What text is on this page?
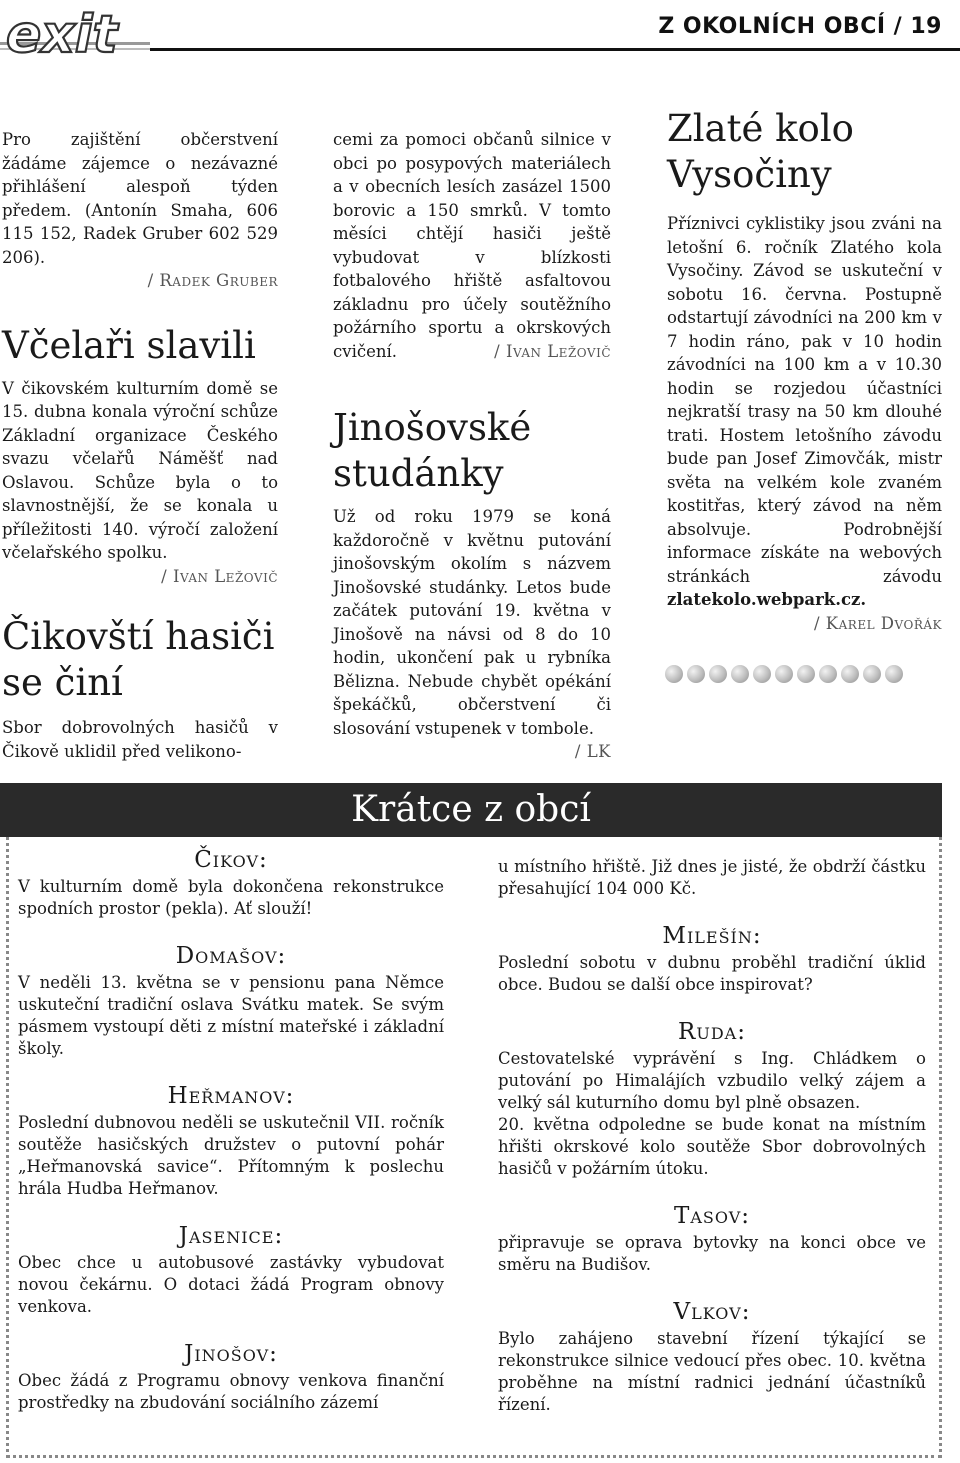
exit	Z OKOLNÍCH OBCÍ / 19

Pro zajištění občerstvení žádáme zájemce o nezávazné přihlášení alespoň týden předem. (Antonín Smaha, 606 115 152, Radek Gruber 602 529 206).

/ Radek Gruber
Včelaři slavili

V čikovském kulturním domě se 15. dubna konala výroční schůze Základní organizace Českého svazu včelařů Náměšť nad Oslavou. Schůze byla o to slavnostnější, že se konala u příležitosti 140. výročí založení včelařského spolku.

/ Ivan Ležovič
Čikovští hasiči
se činí

Sbor dobrovolných hasičů v Čikově uklidil před velikono-

cemi za pomoci občanů silnice v obci po posypových materiálech a v obecních lesích zasázel 1500 borovic a 150 smrků. V tomto měsíci chtějí hasiči ještě vybudovat v blízkosti fotbalového hřiště asfaltovou základnu pro účely soutěžního požárního sportu a okrskových cvičení.	/ Ivan Ležovič

Jinošovské
studánky

Už od roku 1979 se koná každoročně v květnu putování jinošovským okolím s názvem Jinošovské studánky. Letos bude začátek putování 19. května v Jinošově na návsi od 8 do 10 hodin, ukončení pak u rybníka Bělizna. Nebude chybět opékání špekáčků, občerstvení či slosování vstupenek v tombole.
/ LK

Zlaté kolo
Vysočiny

Příznivci cyklistiky jsou zváni na letošní 6. ročník Zlatého kola Vysočiny. Závod se uskuteční v sobotu 16. června. Postupně odstartují závodníci na 200 km v 7 hodin ráno, pak v 10 hodin závodníci na 100 km a v 10.30 hodin se rozjedou účastníci nejkratší trasy na 50 km dlouhé trati. Hostem letošního závodu bude pan Josef Zimovčák, mistr světa na velkém kole zvaném kostitřas, který závod na něm absolvuje. Podrobnější informace získáte na webových stránkách závodu zlatekolo.webpark.cz.

/ Karel Dvořák
Krátce z obcí
Čikov:

V kulturním domě byla dokončena rekonstrukce spodních prostor (pekla). Ať slouží!

Domašov:

V neděli 13. května se v pensionu pana Němce uskuteční tradiční oslava Svátku matek. Se svým pásmem vystoupí děti z místní mateřské i základní školy.

Heřmanov:

Poslední dubnovou neděli se uskutečnil VII. ročník soutěže hasičských družstev o putovní pohár „Heřmanovská savice“. Přítomným k poslechu hrála Hudba Heřmanov.

Jasenice:

Obec chce u autobusové zastávky vybudovat novou čekárnu. O dotaci žádá Program obnovy venkova.

Jinošov:

Obec žádá z Programu obnovy venkova finanční prostředky na zbudování sociálního zázemí

u místního hřiště. Již dnes je jisté, že obdrží částku přesahující 104 000 Kč.

Milešín:

Poslední sobotu v dubnu proběhl tradiční úklid obce. Budou se další obce inspirovat?

Ruda:

Cestovatelské vyprávění s Ing. Chládkem o putování po Himalájích vzbudilo velký zájem a velký sál kuturního domu byl plně obsazen.

20. května odpoledne se bude konat na místním hřišti okrskové kolo soutěže Sbor dobrovolných hasičů v požárním útoku.

Tasov:

připravuje se oprava bytovky na konci obce ve směru na Budišov.

Vlkov:

Bylo zahájeno stavební řízení týkající se rekonstrukce silnice vedoucí přes obec. 10. května proběhne na místní radnici jednání účastníků řízení.
